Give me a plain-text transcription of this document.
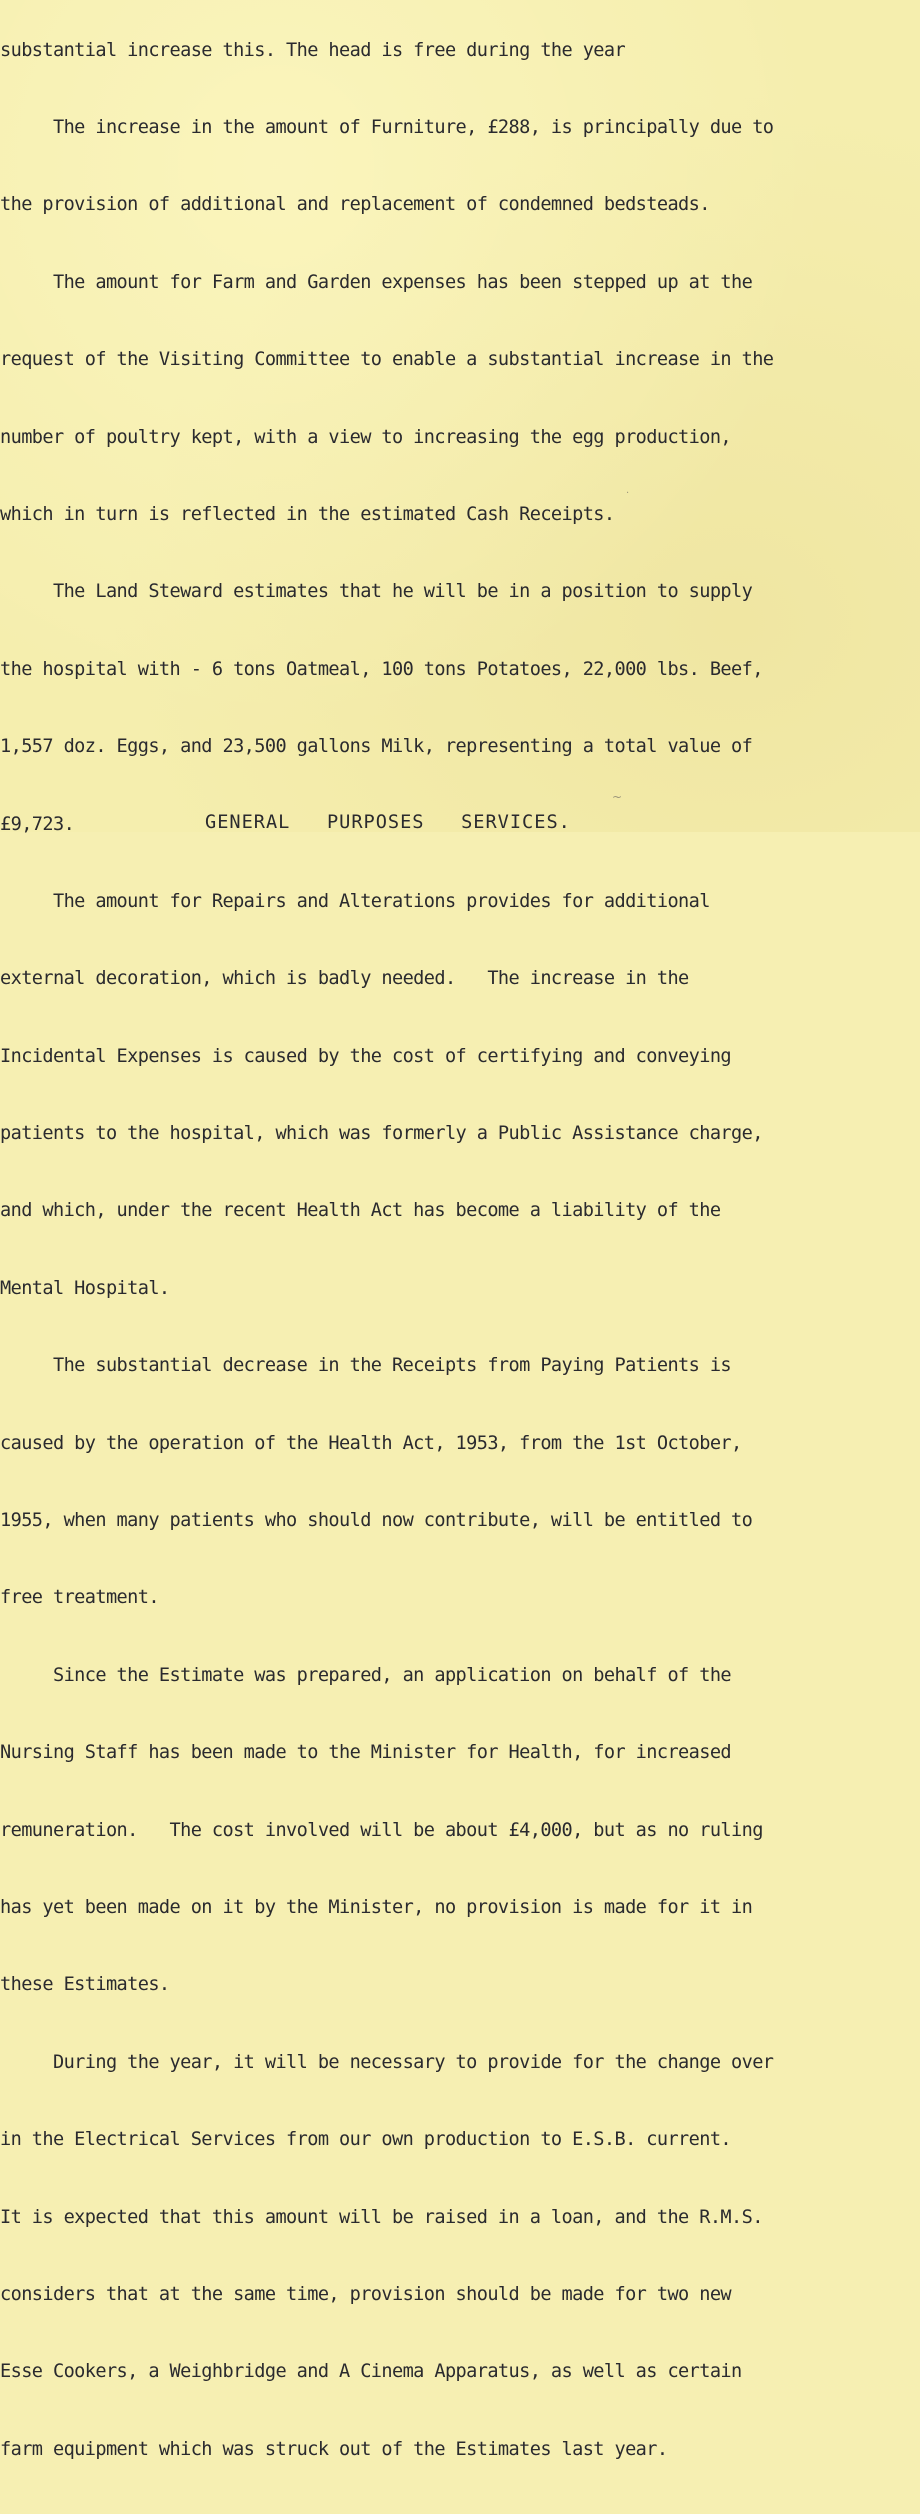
substantial increase this. The head is free during the year

The increase in the amount of Furniture, £288, is principally due to

the provision of additional and replacement of condemned bedsteads.

The amount for Farm and Garden expenses has been stepped up at the

request of the Visiting Committee to enable a substantial increase in the

number of poultry kept, with a view to increasing the egg production,

which in turn is reflected in the estimated Cash Receipts.

The Land Steward estimates that he will be in a position to supply

the hospital with - 6 tons Oatmeal, 100 tons Potatoes, 22,000 lbs. Beef,

1,557 doz. Eggs, and 23,500 gallons Milk, representing a total value of

£9,723.

The amount for Repairs and Alterations provides for additional

external decoration, which is badly needed.   The increase in the

Incidental Expenses is caused by the cost of certifying and conveying

patients to the hospital, which was formerly a Public Assistance charge,

and which, under the recent Health Act has become a liability of the

Mental Hospital.

The substantial decrease in the Receipts from Paying Patients is

caused by the operation of the Health Act, 1953, from the 1st October,

1955, when many patients who should now contribute, will be entitled to

free treatment.

Since the Estimate was prepared, an application on behalf of the

Nursing Staff has been made to the Minister for Health, for increased

remuneration.   The cost involved will be about £4,000, but as no ruling

has yet been made on it by the Minister, no provision is made for it in

these Estimates.

During the year, it will be necessary to provide for the change over

in the Electrical Services from our own production to E.S.B. current.

It is expected that this amount will be raised in a loan, and the R.M.S.

considers that at the same time, provision should be made for two new

Esse Cookers, a Weighbridge and A Cinema Apparatus, as well as certain

farm equipment which was struck out of the Estimates last year.

GENERAL   PURPOSES   SERVICES.
~
·
